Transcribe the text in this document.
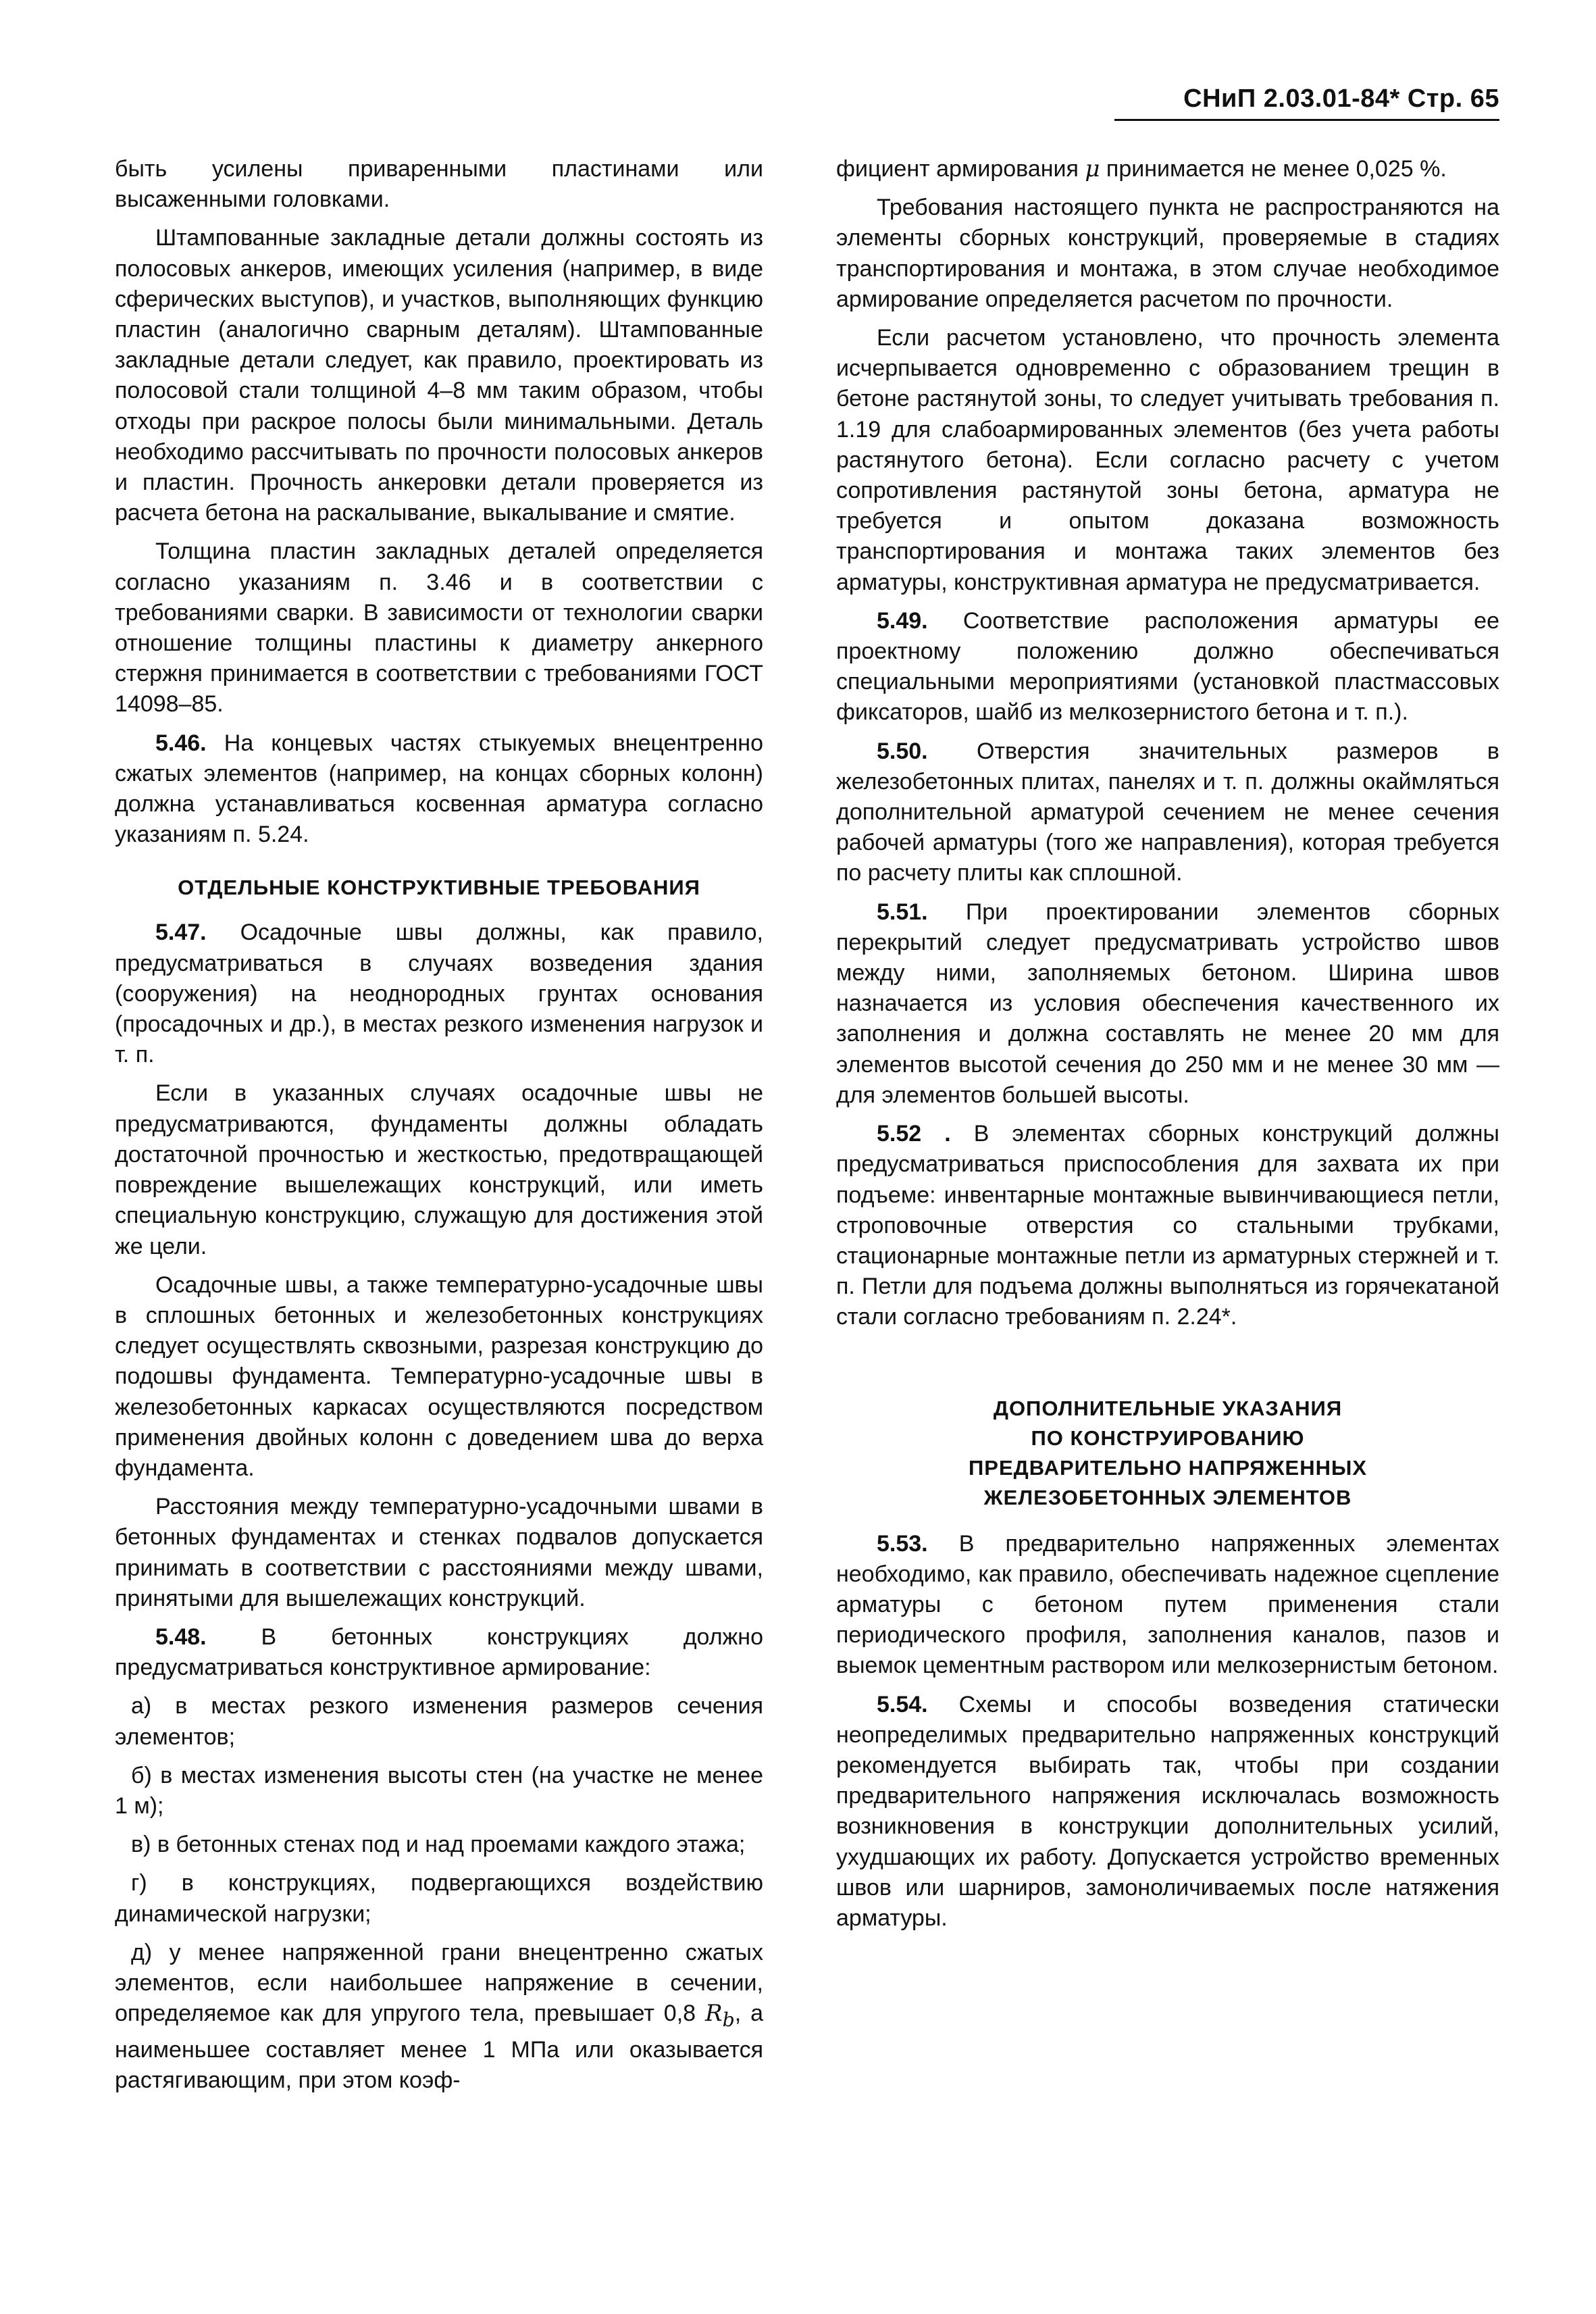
СНиП 2.03.01-84* Стр. 65

быть усилены приваренными пластинами или высаженными головками.

Штампованные закладные детали должны состоять из полосовых анкеров, имеющих усиления (например, в виде сферических выступов), и участков, выполняющих функцию пластин (аналогично сварным деталям). Штампованные закладные детали следует, как правило, проектировать из полосовой стали толщиной 4–8 мм таким образом, чтобы отходы при раскрое полосы были минимальными. Деталь необходимо рассчитывать по прочности полосовых анкеров и пластин. Прочность анкеровки детали проверяется из расчета бетона на раскалывание, выкалывание и смятие.

Толщина пластин закладных деталей определяется согласно указаниям п. 3.46 и в соответствии с требованиями сварки. В зависимости от технологии сварки отношение толщины пластины к диаметру анкерного стержня принимается в соответствии с требованиями ГОСТ 14098–85.

5.46. На концевых частях стыкуемых внецентренно сжатых элементов (например, на концах сборных колонн) должна устанавливаться косвенная арматура согласно указаниям п. 5.24.

ОТДЕЛЬНЫЕ КОНСТРУКТИВНЫЕ ТРЕБОВАНИЯ

5.47. Осадочные швы должны, как правило, предусматриваться в случаях возведения здания (сооружения) на неоднородных грунтах основания (просадочных и др.), в местах резкого изменения нагрузок и т. п.

Если в указанных случаях осадочные швы не предусматриваются, фундаменты должны обладать достаточной прочностью и жесткостью, предотвращающей повреждение вышележащих конструкций, или иметь специальную конструкцию, служащую для достижения этой же цели.

Осадочные швы, а также температурно-усадочные швы в сплошных бетонных и железобетонных конструкциях следует осуществлять сквозными, разрезая конструкцию до подошвы фундамента. Температурно-усадочные швы в железобетонных каркасах осуществляются посредством применения двойных колонн с доведением шва до верха фундамента.

Расстояния между температурно-усадочными швами в бетонных фундаментах и стенках подвалов допускается принимать в соответствии с расстояниями между швами, принятыми для вышележащих конструкций.

5.48. В бетонных конструкциях должно предусматриваться конструктивное армирование:

а) в местах резкого изменения размеров сечения элементов;

б) в местах изменения высоты стен (на участке не менее 1 м);

в) в бетонных стенах под и над проемами каждого этажа;

г) в конструкциях, подвергающихся воздействию динамической нагрузки;

д) у менее напряженной грани внецентренно сжатых элементов, если наибольшее напряжение в сечении, определяемое как для упругого тела, превышает 0,8 $R_b$, а наименьшее составляет менее 1 МПа или оказывается растягивающим, при этом коэф-

фициент армирования μ принимается не менее 0,025 %.

Требования настоящего пункта не распространяются на элементы сборных конструкций, проверяемые в стадиях транспортирования и монтажа, в этом случае необходимое армирование определяется расчетом по прочности.

Если расчетом установлено, что прочность элемента исчерпывается одновременно с образованием трещин в бетоне растянутой зоны, то следует учитывать требования п. 1.19 для слабоармированных элементов (без учета работы растянутого бетона). Если согласно расчету с учетом сопротивления растянутой зоны бетона, арматура не требуется и опытом доказана возможность транспортирования и монтажа таких элементов без арматуры, конструктивная арматура не предусматривается.

5.49. Соответствие расположения арматуры ее проектному положению должно обеспечиваться специальными мероприятиями (установкой пластмассовых фиксаторов, шайб из мелкозернистого бетона и т. п.).

5.50. Отверстия значительных размеров в железобетонных плитах, панелях и т. п. должны окаймляться дополнительной арматурой сечением не менее сечения рабочей арматуры (того же направления), которая требуется по расчету плиты как сплошной.

5.51. При проектировании элементов сборных перекрытий следует предусматривать устройство швов между ними, заполняемых бетоном. Ширина швов назначается из условия обеспечения качественного их заполнения и должна составлять не менее 20 мм для элементов высотой сечения до 250 мм и не менее 30 мм — для элементов большей высоты.

5.52 . В элементах сборных конструкций должны предусматриваться приспособления для захвата их при подъеме: инвентарные монтажные вывинчивающиеся петли, строповочные отверстия со стальными трубками, стационарные монтажные петли из арматурных стержней и т. п. Петли для подъема должны выполняться из горячекатаной стали согласно требованиям п. 2.24*.

ДОПОЛНИТЕЛЬНЫЕ УКАЗАНИЯ
ПО КОНСТРУИРОВАНИЮ
ПРЕДВАРИТЕЛЬНО НАПРЯЖЕННЫХ
ЖЕЛЕЗОБЕТОННЫХ ЭЛЕМЕНТОВ

5.53. В предварительно напряженных элементах необходимо, как правило, обеспечивать надежное сцепление арматуры с бетоном путем применения стали периодического профиля, заполнения каналов, пазов и выемок цементным раствором или мелкозернистым бетоном.

5.54. Схемы и способы возведения статически неопределимых предварительно напряженных конструкций рекомендуется выбирать так, чтобы при создании предварительного напряжения исключалась возможность возникновения в конструкции дополнительных усилий, ухудшающих их работу. Допускается устройство временных швов или шарниров, замоноличиваемых после натяжения арматуры.
